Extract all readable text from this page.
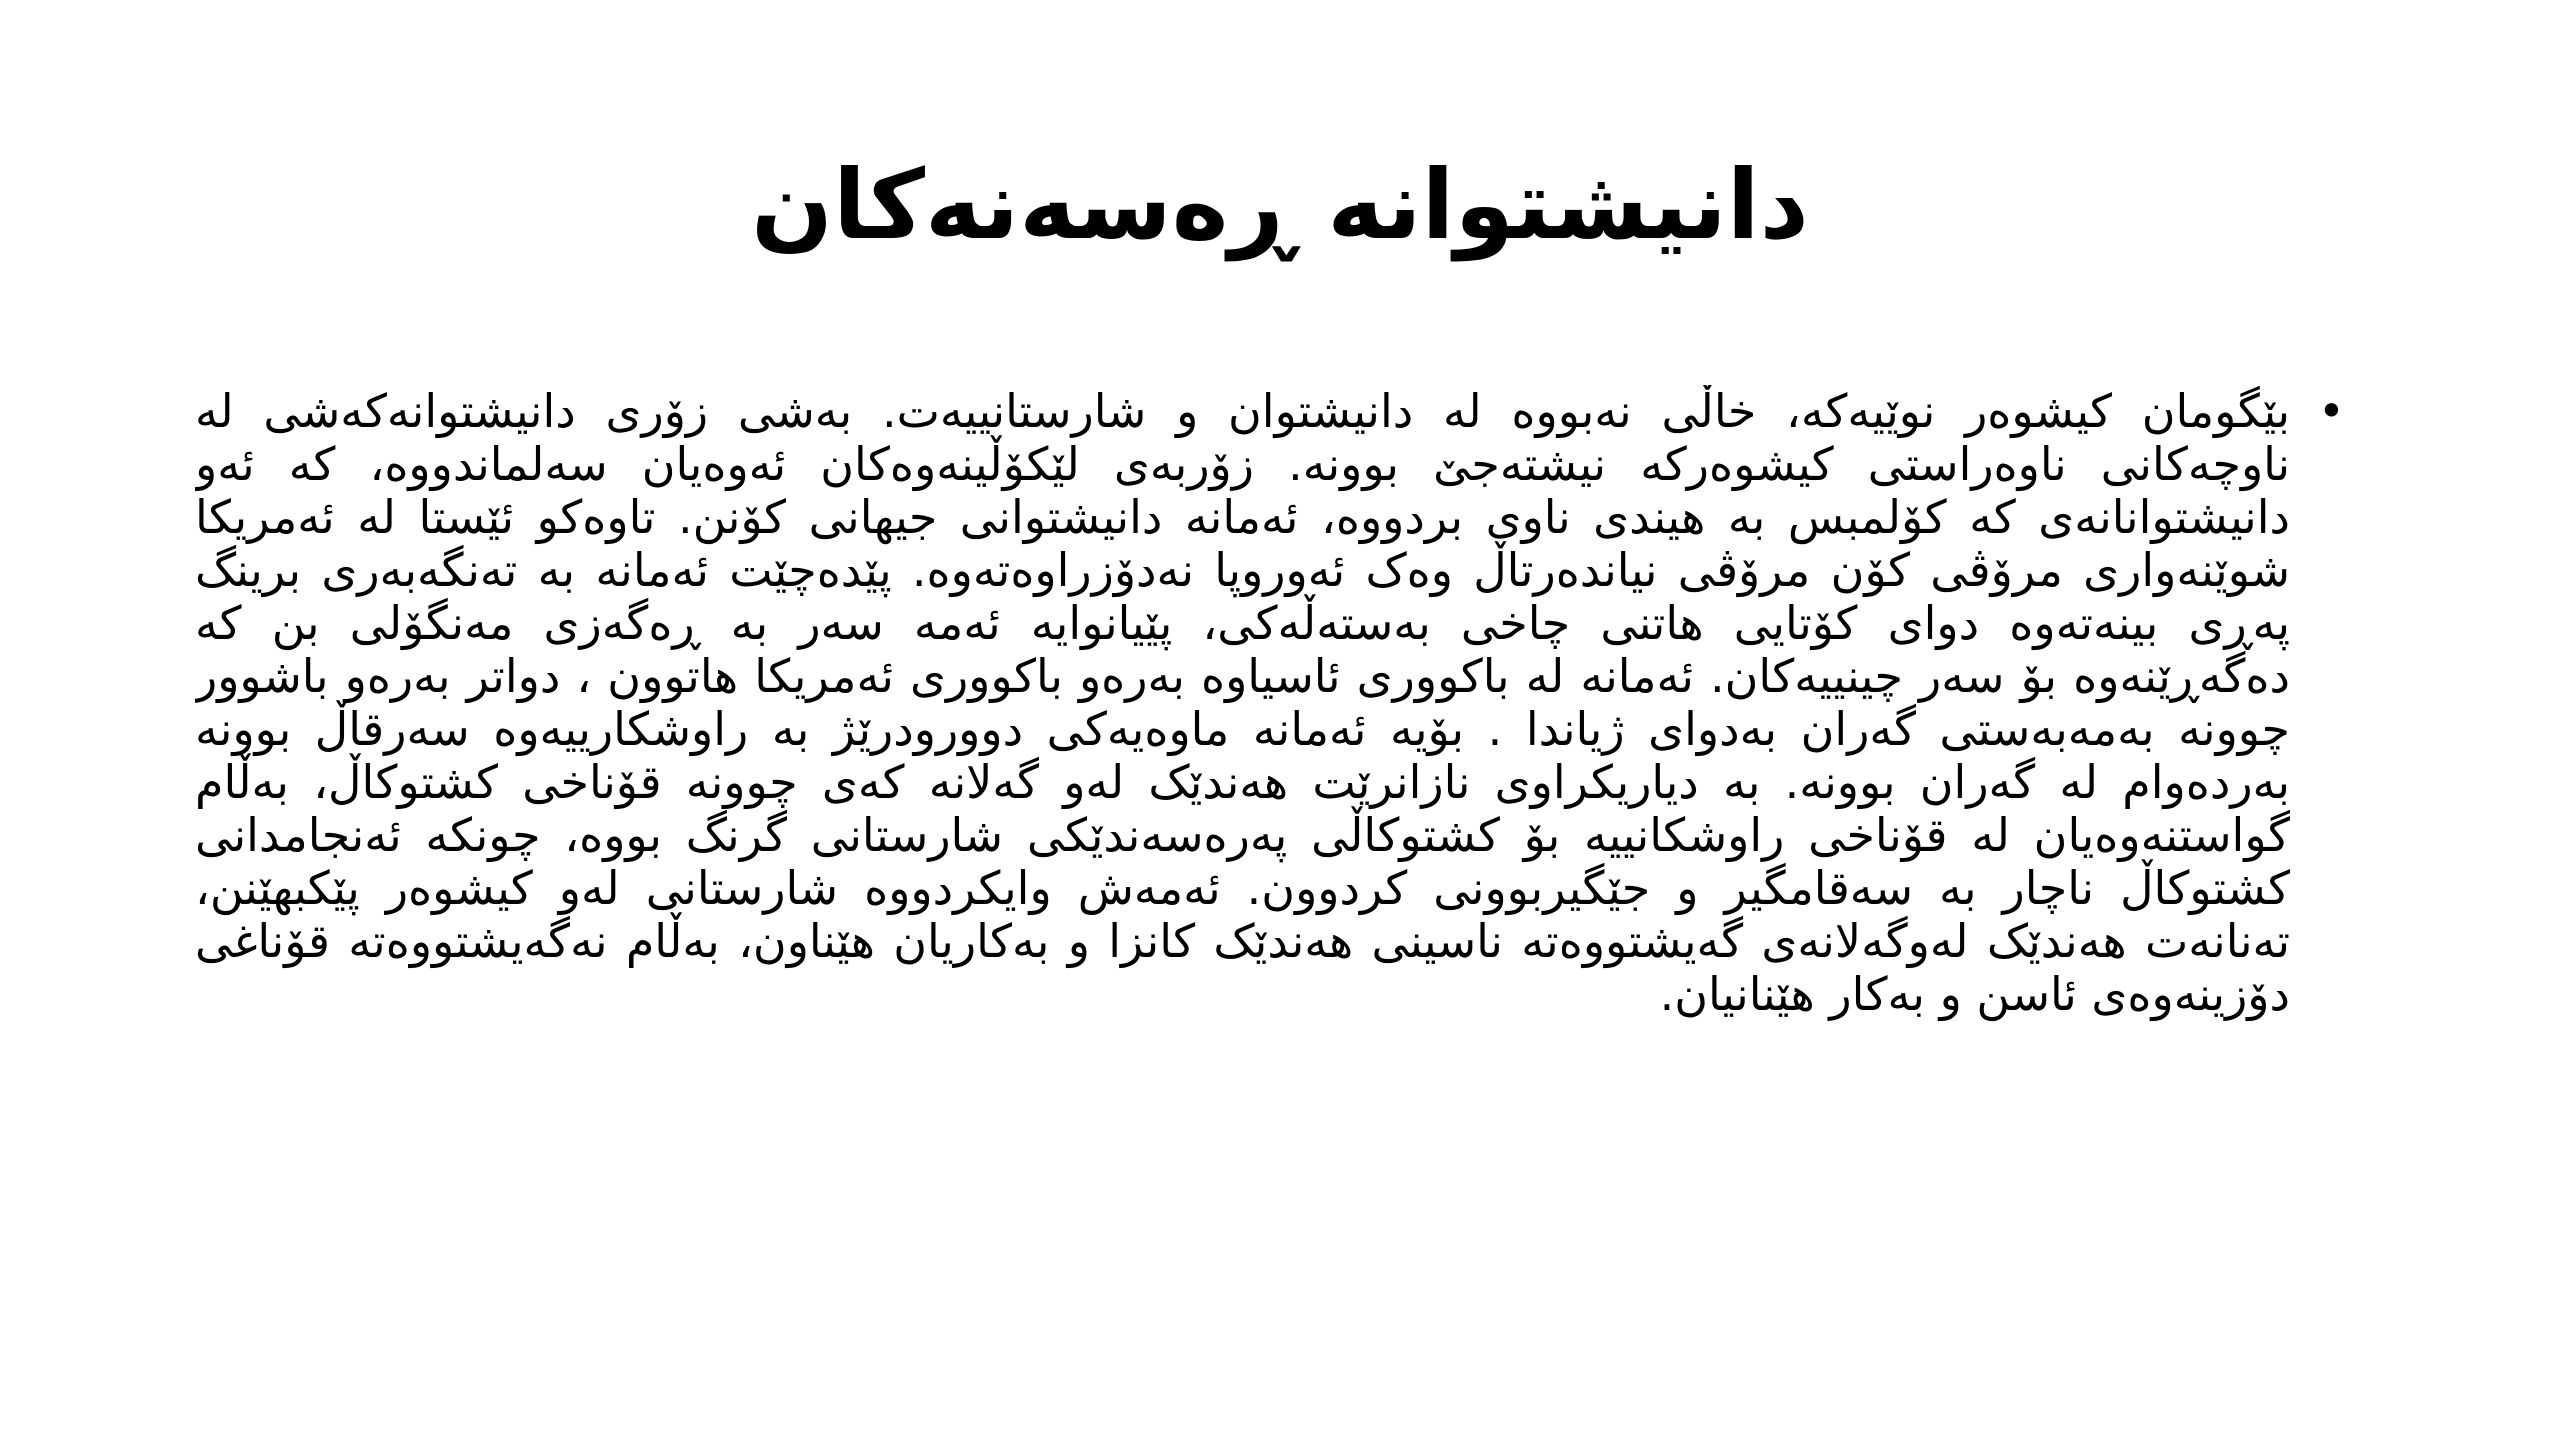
دانیشتوانە ڕەسەنەکان
•
بێگومان کیشوەر نوێیەکە، خاڵی نەبووە لە دانیشتوان و شارستانییەت. بەشی زۆری دانیشتوانەکەشی لە ناوچەکانی ناوەراستی کیشوەرکە نیشتەجێ بوونە. زۆربەی لێکۆڵینەوەکان ئەوەیان سەلماندووە، کە ئەو دانیشتوانانەی کە کۆلمبس بە هیندی ناوی بردووە، ئەمانە دانیشتوانی جیهانی کۆنن. تاوەکو ئێستا لە ئەمریکا شوێنەواری مرۆڤی کۆن مرۆڤی نیاندەرتاڵ وەک ئەوروپا نەدۆزراوەتەوە. پێدەچێت ئەمانە بە تەنگەبەری برینگ پەڕی بینەتەوە دوای کۆتایی هاتنی چاخی بەستەڵەکی، پێیانوایە ئەمە سەر بە ڕەگەزی مەنگۆلی بن کە دەگەڕێنەوە بۆ سەر چینییەکان. ئەمانە لە باکووری ئاسیاوە بەرەو باکووری ئەمریکا هاتوون ، دواتر بەرەو باشوور چوونە بەمەبەستی گەران بەدوای ژیاندا . بۆیە ئەمانە ماوەیەکی دوورودرێژ بە راوشکارییەوە سەرقاڵ بوونە بەردەوام لە گەران بوونە. بە دیاریکراوی نازانرێت هەندێک لەو گەلانە کەی چوونە قۆناخی کشتوکاڵ، بەڵام گواستنەوەیان لە قۆناخی راوشکانییە بۆ کشتوکاڵی پەرەسەندێکی شارستانی گرنگ بووە، چونکە ئەنجامدانی کشتوکاڵ ناچار بە سەقامگیر و جێگیربوونی کردوون. ئەمەش وایکردووە شارستانی لەو کیشوەر پێکبهێنن، تەنانەت هەندێک لەوگەلانەی گەیشتووەتە ناسینی هەندێک کانزا و بەکاریان هێناون، بەڵام نەگەیشتووەتە قۆناغی دۆزینەوەی ئاسن و بەکار هێنانیان.
